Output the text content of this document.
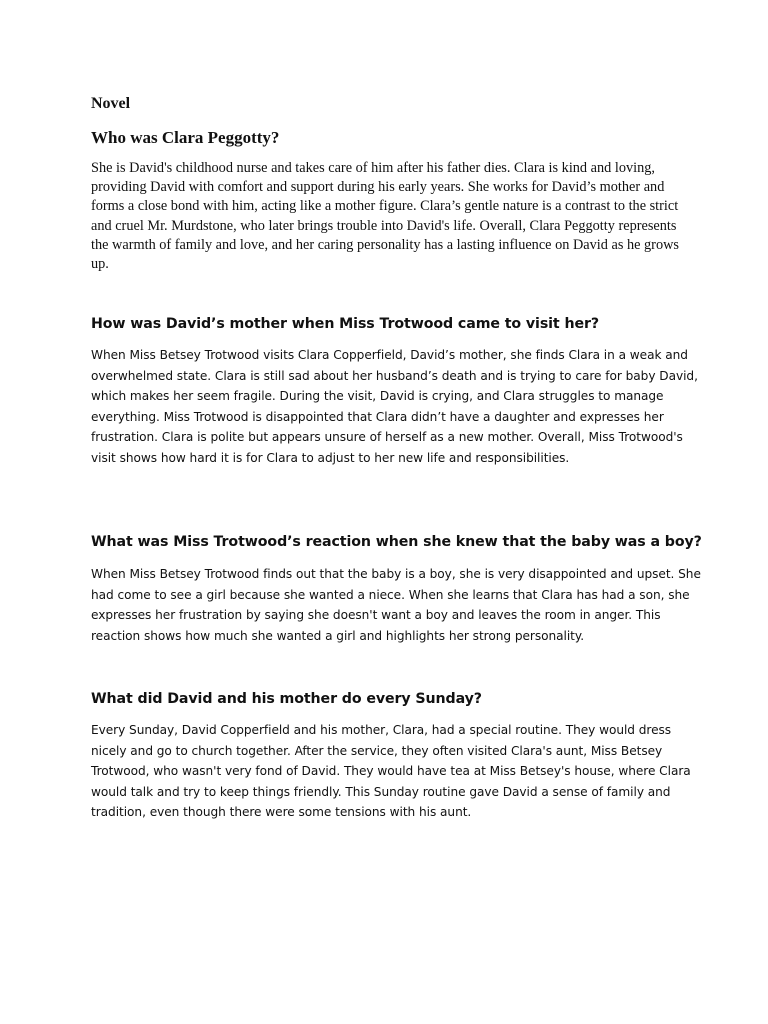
Novel
Who was Clara Peggotty?

She is David's childhood nurse and takes care of him after his father dies. Clara is kind and loving, providing David with comfort and support during his early years. She works for David’s mother and forms a close bond with him, acting like a mother figure. Clara’s gentle nature is a contrast to the strict and cruel Mr. Murdstone, who later brings trouble into David's life. Overall, Clara Peggotty represents the warmth of family and love, and her caring personality has a lasting influence on David as he grows up.

How was David’s mother when Miss Trotwood came to visit her?

When Miss Betsey Trotwood visits Clara Copperfield, David’s mother, she finds Clara in a weak and overwhelmed state. Clara is still sad about her husband’s death and is trying to care for baby David, which makes her seem fragile. During the visit, David is crying, and Clara struggles to manage everything. Miss Trotwood is disappointed that Clara didn’t have a daughter and expresses her frustration. Clara is polite but appears unsure of herself as a new mother. Overall, Miss Trotwood's visit shows how hard it is for Clara to adjust to her new life and responsibilities.

What was Miss Trotwood’s reaction when she knew that the baby was a boy?

When Miss Betsey Trotwood finds out that the baby is a boy, she is very disappointed and upset. She had come to see a girl because she wanted a niece. When she learns that Clara has had a son, she expresses her frustration by saying she doesn't want a boy and leaves the room in anger. This reaction shows how much she wanted a girl and highlights her strong personality.

What did David and his mother do every Sunday?

Every Sunday, David Copperfield and his mother, Clara, had a special routine. They would dress nicely and go to church together. After the service, they often visited Clara's aunt, Miss Betsey Trotwood, who wasn't very fond of David. They would have tea at Miss Betsey's house, where Clara would talk and try to keep things friendly. This Sunday routine gave David a sense of family and tradition, even though there were some tensions with his aunt.
